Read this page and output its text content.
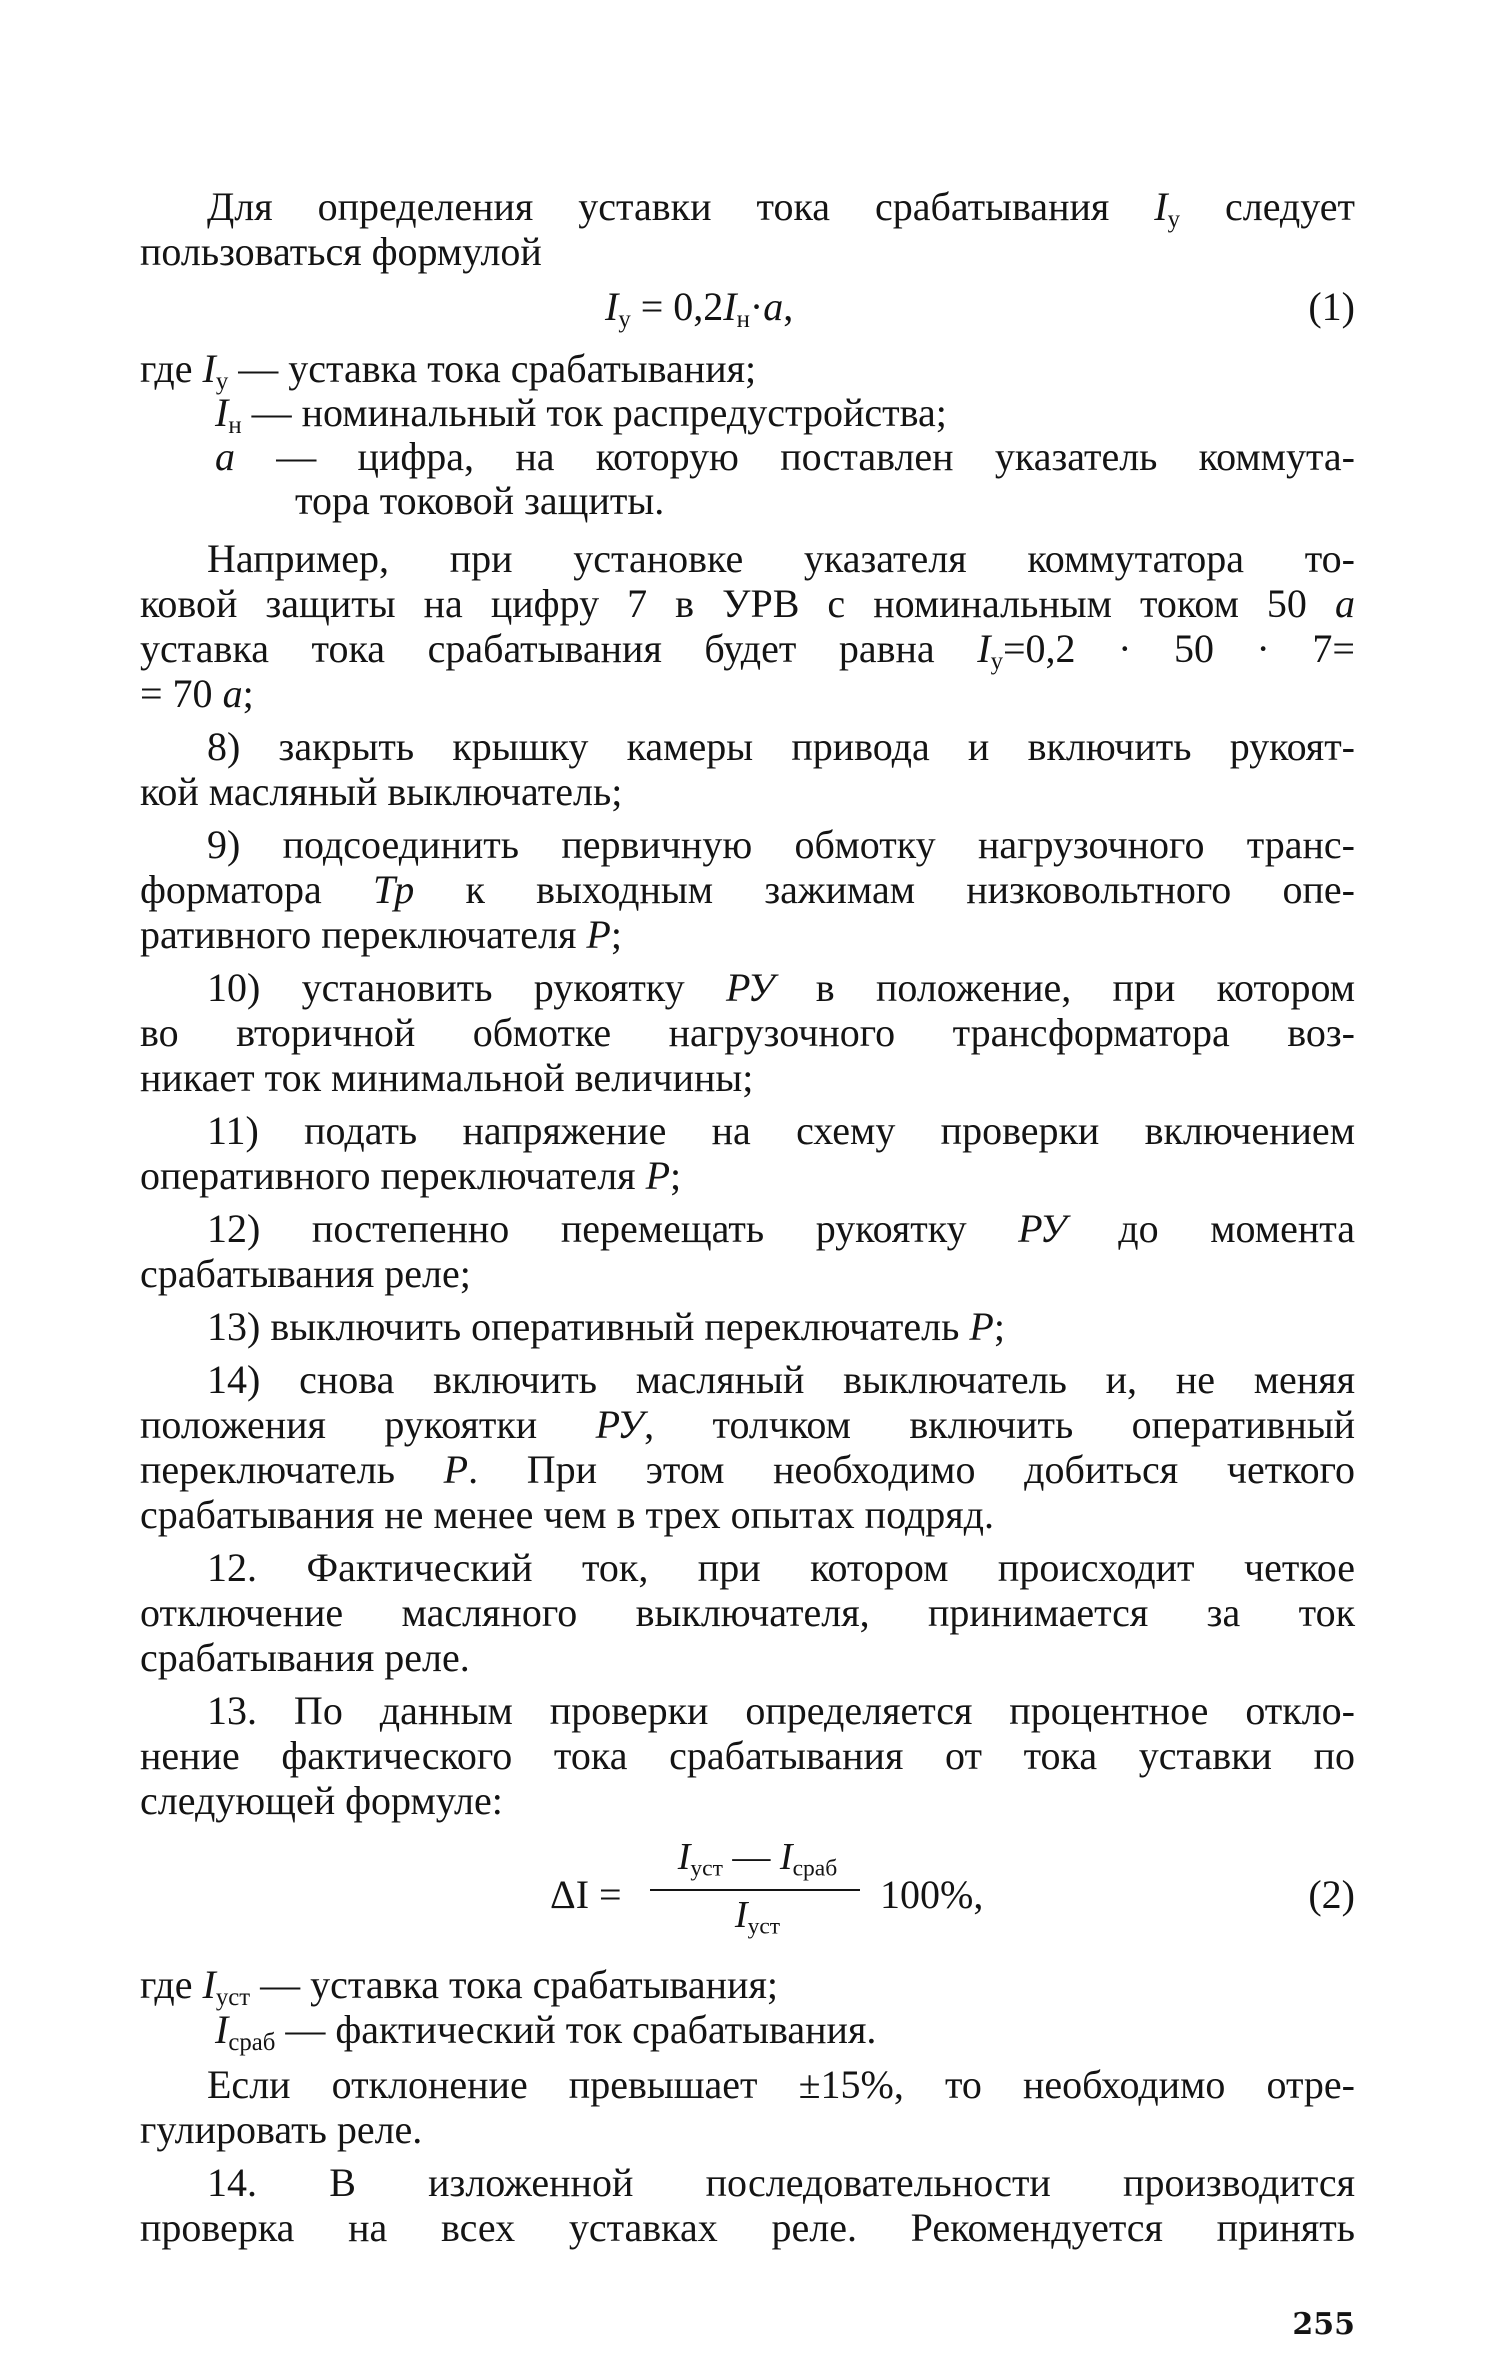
Для определения уставки тока срабатывания $I_у$ следует
пользоваться формулой
$I_у = 0,2I_н\cdot a$,	(1)
где $I_у$ — уставка тока срабатывания;
$I_н$ — номинальный ток распредустройства;
a — цифра, на которую поставлен указатель коммута-
тора токовой защиты.
Например, при установке указателя коммутатора то-
ковой защиты на цифру 7 в УРВ с номинальным током 50 a
уставка тока срабатывания будет равна $I_у=0,2 \cdot 50 \cdot 7=$
= 70 a;
8) закрыть крышку камеры привода и включить рукоят-
кой масляный выключатель;
9) подсоединить первичную обмотку нагрузочного транс-
форматора Тр к выходным зажимам низковольтного опе-
ративного переключателя P;
10) установить рукоятку РУ в положение, при котором
во вторичной обмотке нагрузочного трансформатора воз-
никает ток минимальной величины;
11) подать напряжение на схему проверки включением
оперативного переключателя P;
12) постепенно перемещать рукоятку РУ до момента
срабатывания реле;
13) выключить оперативный переключатель P;
14) снова включить масляный выключатель и, не меняя
положения рукоятки РУ, толчком включить оперативный
переключатель P. При этом необходимо добиться четкого
срабатывания не менее чем в трех опытах подряд.
12. Фактический ток, при котором происходит четкое
отключение масляного выключателя, принимается за ток
срабатывания реле.
13. По данным проверки определяется процентное откло-
нение фактического тока срабатывания от тока уставки по
следующей формуле:
ΔI =
$I_{уст}$ — $I_{сраб}$
$I_{уст}$
100%,	(2)
где $I_{уст}$ — уставка тока срабатывания;
$I_{сраб}$ — фактический ток срабатывания.
Если отклонение превышает ±15%, то необходимо отре-
гулировать реле.
14. В изложенной последовательности производится
проверка на всех уставках реле. Рекомендуется принять
255
